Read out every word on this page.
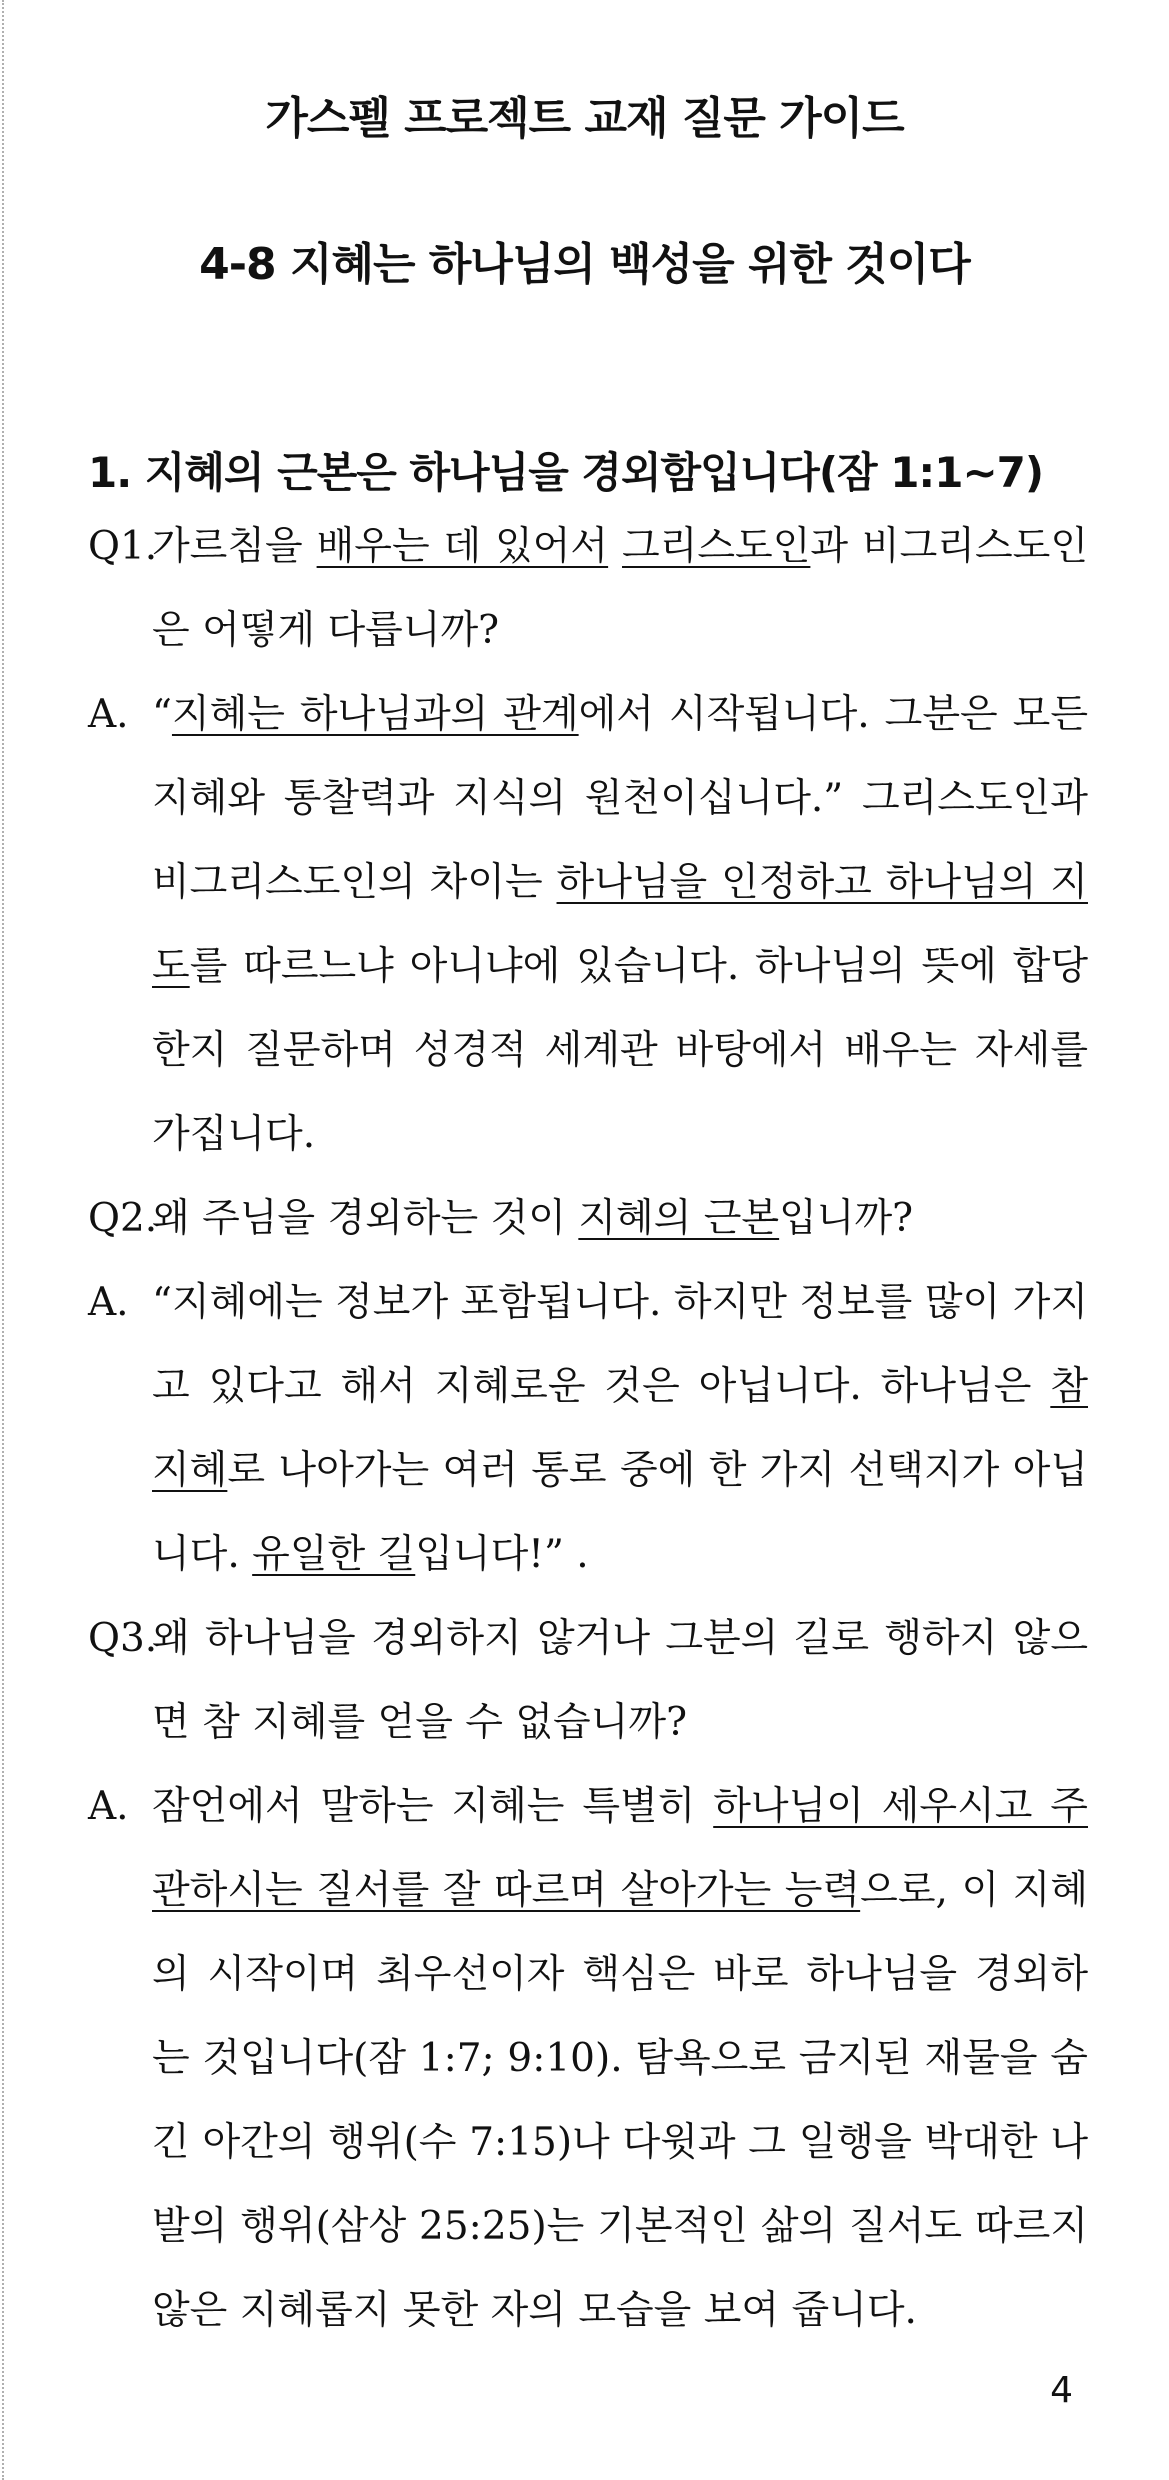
가스펠 프로젝트 교재 질문 가이드
4-8 지혜는 하나님의 백성을 위한 것이다
1. 지혜의 근본은 하나님을 경외함입니다(잠 1:1~7)
Q1.
가르침을 배우는 데 있어서 그리스도인과 비그리스도인은 어떻게 다릅니까?
A. “지혜는 하나님과의 관계에서 시작됩니다. 그분은 모든 지혜와 통찰력과 지식의 원천이십니다.” 그리스도인과 비그리스도인의 차이는 하나님을 인정하고 하나님의 지도를 따르느냐 아니냐에 있습니다. 하나님의 뜻에 합당한지 질문하며 성경적 세계관 바탕에서 배우는 자세를 가집니다.
Q2.
왜 주님을 경외하는 것이 지혜의 근본입니까?
A. “지혜에는 정보가 포함됩니다. 하지만 정보를 많이 가지고 있다고 해서 지혜로운 것은 아닙니다. 하나님은 참 지혜로 나아가는 여러 통로 중에 한 가지 선택지가 아닙니다. 유일한 길입니다!” .
Q3.
왜 하나님을 경외하지 않거나 그분의 길로 행하지 않으면 참 지혜를 얻을 수 없습니까?
A. 잠언에서 말하는 지혜는 특별히 하나님이 세우시고 주관하시는 질서를 잘 따르며 살아가는 능력으로, 이 지혜의 시작이며 최우선이자 핵심은 바로 하나님을 경외하는 것입니다(잠 1:7; 9:10). 탐욕으로 금지된 재물을 숨긴 아간의 행위(수 7:15)나 다윗과 그 일행을 박대한 나발의 행위(삼상 25:25)는 기본적인 삶의 질서도 따르지 않은 지혜롭지 못한 자의 모습을 보여 줍니다.
4
